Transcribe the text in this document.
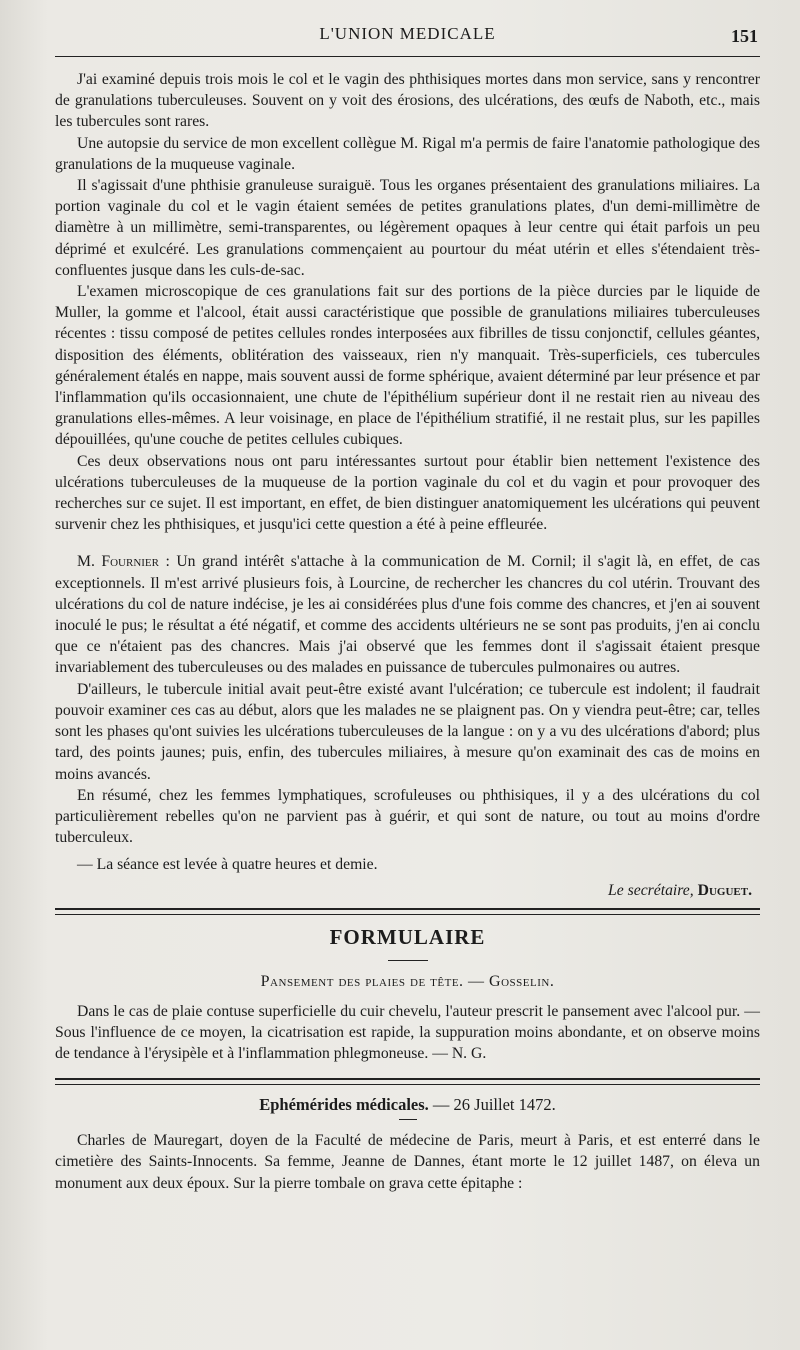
L'UNION MEDICALE	151

J'ai examiné depuis trois mois le col et le vagin des phthisiques mortes dans mon service, sans y rencontrer de granulations tuberculeuses. Souvent on y voit des érosions, des ulcérations, des œufs de Naboth, etc., mais les tubercules sont rares.

Une autopsie du service de mon excellent collègue M. Rigal m'a permis de faire l'anatomie pathologique des granulations de la muqueuse vaginale.

Il s'agissait d'une phthisie granuleuse suraiguë. Tous les organes présentaient des granulations miliaires. La portion vaginale du col et le vagin étaient semées de petites granulations plates, d'un demi-millimètre de diamètre à un millimètre, semi-transparentes, ou légèrement opaques à leur centre qui était parfois un peu déprimé et exulcéré. Les granulations commençaient au pourtour du méat utérin et elles s'étendaient très-confluentes jusque dans les culs-de-sac.

L'examen microscopique de ces granulations fait sur des portions de la pièce durcies par le liquide de Muller, la gomme et l'alcool, était aussi caractéristique que possible de granulations miliaires tuberculeuses récentes : tissu composé de petites cellules rondes interposées aux fibrilles de tissu conjonctif, cellules géantes, disposition des éléments, oblitération des vaisseaux, rien n'y manquait. Très-superficiels, ces tubercules généralement étalés en nappe, mais souvent aussi de forme sphérique, avaient déterminé par leur présence et par l'inflammation qu'ils occasionnaient, une chute de l'épithélium supérieur dont il ne restait rien au niveau des granulations elles-mêmes. A leur voisinage, en place de l'épithélium stratifié, il ne restait plus, sur les papilles dépouillées, qu'une couche de petites cellules cubiques.

Ces deux observations nous ont paru intéressantes surtout pour établir bien nettement l'existence des ulcérations tuberculeuses de la muqueuse de la portion vaginale du col et du vagin et pour provoquer des recherches sur ce sujet. Il est important, en effet, de bien distinguer anatomiquement les ulcérations qui peuvent survenir chez les phthisiques, et jusqu'ici cette question a été à peine effleurée.

M. Fournier : Un grand intérêt s'attache à la communication de M. Cornil; il s'agit là, en effet, de cas exceptionnels. Il m'est arrivé plusieurs fois, à Lourcine, de rechercher les chancres du col utérin. Trouvant des ulcérations du col de nature indécise, je les ai considérées plus d'une fois comme des chancres, et j'en ai souvent inoculé le pus; le résultat a été négatif, et comme des accidents ultérieurs ne se sont pas produits, j'en ai conclu que ce n'étaient pas des chancres. Mais j'ai observé que les femmes dont il s'agissait étaient presque invariablement des tuberculeuses ou des malades en puissance de tubercules pulmonaires ou autres.

D'ailleurs, le tubercule initial avait peut-être existé avant l'ulcération; ce tubercule est indolent; il faudrait pouvoir examiner ces cas au début, alors que les malades ne se plaignent pas. On y viendra peut-être; car, telles sont les phases qu'ont suivies les ulcérations tuberculeuses de la langue : on y a vu des ulcérations d'abord; plus tard, des points jaunes; puis, enfin, des tubercules miliaires, à mesure qu'on examinait des cas de moins en moins avancés.

En résumé, chez les femmes lymphatiques, scrofuleuses ou phthisiques, il y a des ulcérations du col particulièrement rebelles qu'on ne parvient pas à guérir, et qui sont de nature, ou tout au moins d'ordre tuberculeux.

— La séance est levée à quatre heures et demie.

Le secrétaire, Duguet.
FORMULAIRE
Pansement des plaies de tête. — Gosselin.

Dans le cas de plaie contuse superficielle du cuir chevelu, l'auteur prescrit le pansement avec l'alcool pur. — Sous l'influence de ce moyen, la cicatrisation est rapide, la suppuration moins abondante, et on observe moins de tendance à l'érysipèle et à l'inflammation phlegmoneuse. — N. G.

Ephémérides médicales. — 26 Juillet 1472.

Charles de Mauregart, doyen de la Faculté de médecine de Paris, meurt à Paris, et est enterré dans le cimetière des Saints-Innocents. Sa femme, Jeanne de Dannes, étant morte le 12 juillet 1487, on éleva un monument aux deux époux. Sur la pierre tombale on grava cette épitaphe :
